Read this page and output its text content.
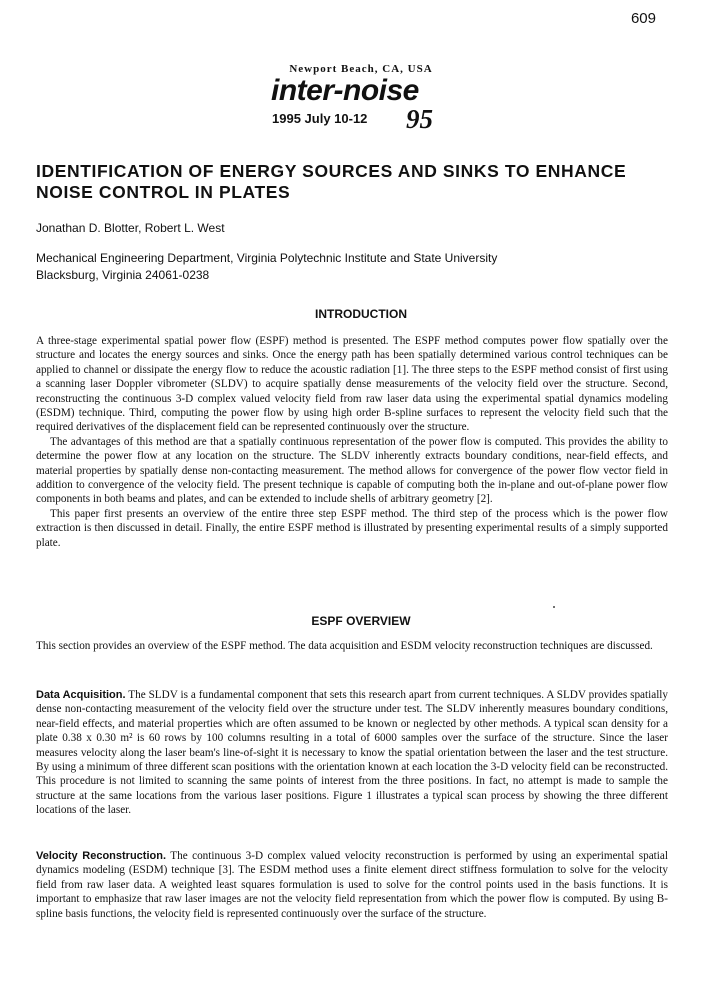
609
Newport Beach, CA, USA
inter-noise
1995 July 10-12 95
IDENTIFICATION OF ENERGY SOURCES AND SINKS TO ENHANCE NOISE CONTROL IN PLATES
Jonathan D. Blotter, Robert L. West
Mechanical Engineering Department, Virginia Polytechnic Institute and State University
Blacksburg, Virginia 24061-0238
INTRODUCTION

A three-stage experimental spatial power flow (ESPF) method is presented. The ESPF method computes power flow spatially over the structure and locates the energy sources and sinks. Once the energy path has been spatially determined various control techniques can be applied to channel or dissipate the energy flow to reduce the acoustic radiation [1]. The three steps to the ESPF method consist of first using a scanning laser Doppler vibrometer (SLDV) to acquire spatially dense measurements of the velocity field over the structure. Second, reconstructing the continuous 3-D complex valued velocity field from raw laser data using the experimental spatial dynamics modeling (ESDM) technique. Third, computing the power flow by using high order B-spline surfaces to represent the velocity field such that the required derivatives of the displacement field can be represented continuously over the structure.

The advantages of this method are that a spatially continuous representation of the power flow is computed. This provides the ability to determine the power flow at any location on the structure. The SLDV inherently extracts boundary conditions, near-field effects, and material properties by spatially dense non-contacting measurement. The method allows for convergence of the power flow vector field in addition to convergence of the velocity field. The present technique is capable of computing both the in-plane and out-of-plane power flow components in both beams and plates, and can be extended to include shells of arbitrary geometry [2].

This paper first presents an overview of the entire three step ESPF method. The third step of the process which is the power flow extraction is then discussed in detail. Finally, the entire ESPF method is illustrated by presenting experimental results of a simply supported plate.

ESPF OVERVIEW
This section provides an overview of the ESPF method. The data acquisition and ESDM velocity reconstruction techniques are discussed.
Data Acquisition. The SLDV is a fundamental component that sets this research apart from current techniques. A SLDV provides spatially dense non-contacting measurement of the velocity field over the structure under test. The SLDV inherently measures boundary conditions, near-field effects, and material properties which are often assumed to be known or neglected by other methods. A typical scan density for a plate 0.38 x 0.30 m² is 60 rows by 100 columns resulting in a total of 6000 samples over the surface of the structure. Since the laser measures velocity along the laser beam's line-of-sight it is necessary to know the spatial orientation between the laser and the test structure. By using a minimum of three different scan positions with the orientation known at each location the 3-D velocity field can be reconstructed. This procedure is not limited to scanning the same points of interest from the three positions. In fact, no attempt is made to sample the structure at the same locations from the various laser positions. Figure 1 illustrates a typical scan process by showing the three different locations of the laser.
Velocity Reconstruction. The continuous 3-D complex valued velocity reconstruction is performed by using an experimental spatial dynamics modeling (ESDM) technique [3]. The ESDM method uses a finite element direct stiffness formulation to solve for the velocity field from raw laser data. A weighted least squares formulation is used to solve for the control points used in the basis functions. It is important to emphasize that raw laser images are not the velocity field representation from which the power flow is computed. By using B-spline basis functions, the velocity field is represented continuously over the surface of the structure.
